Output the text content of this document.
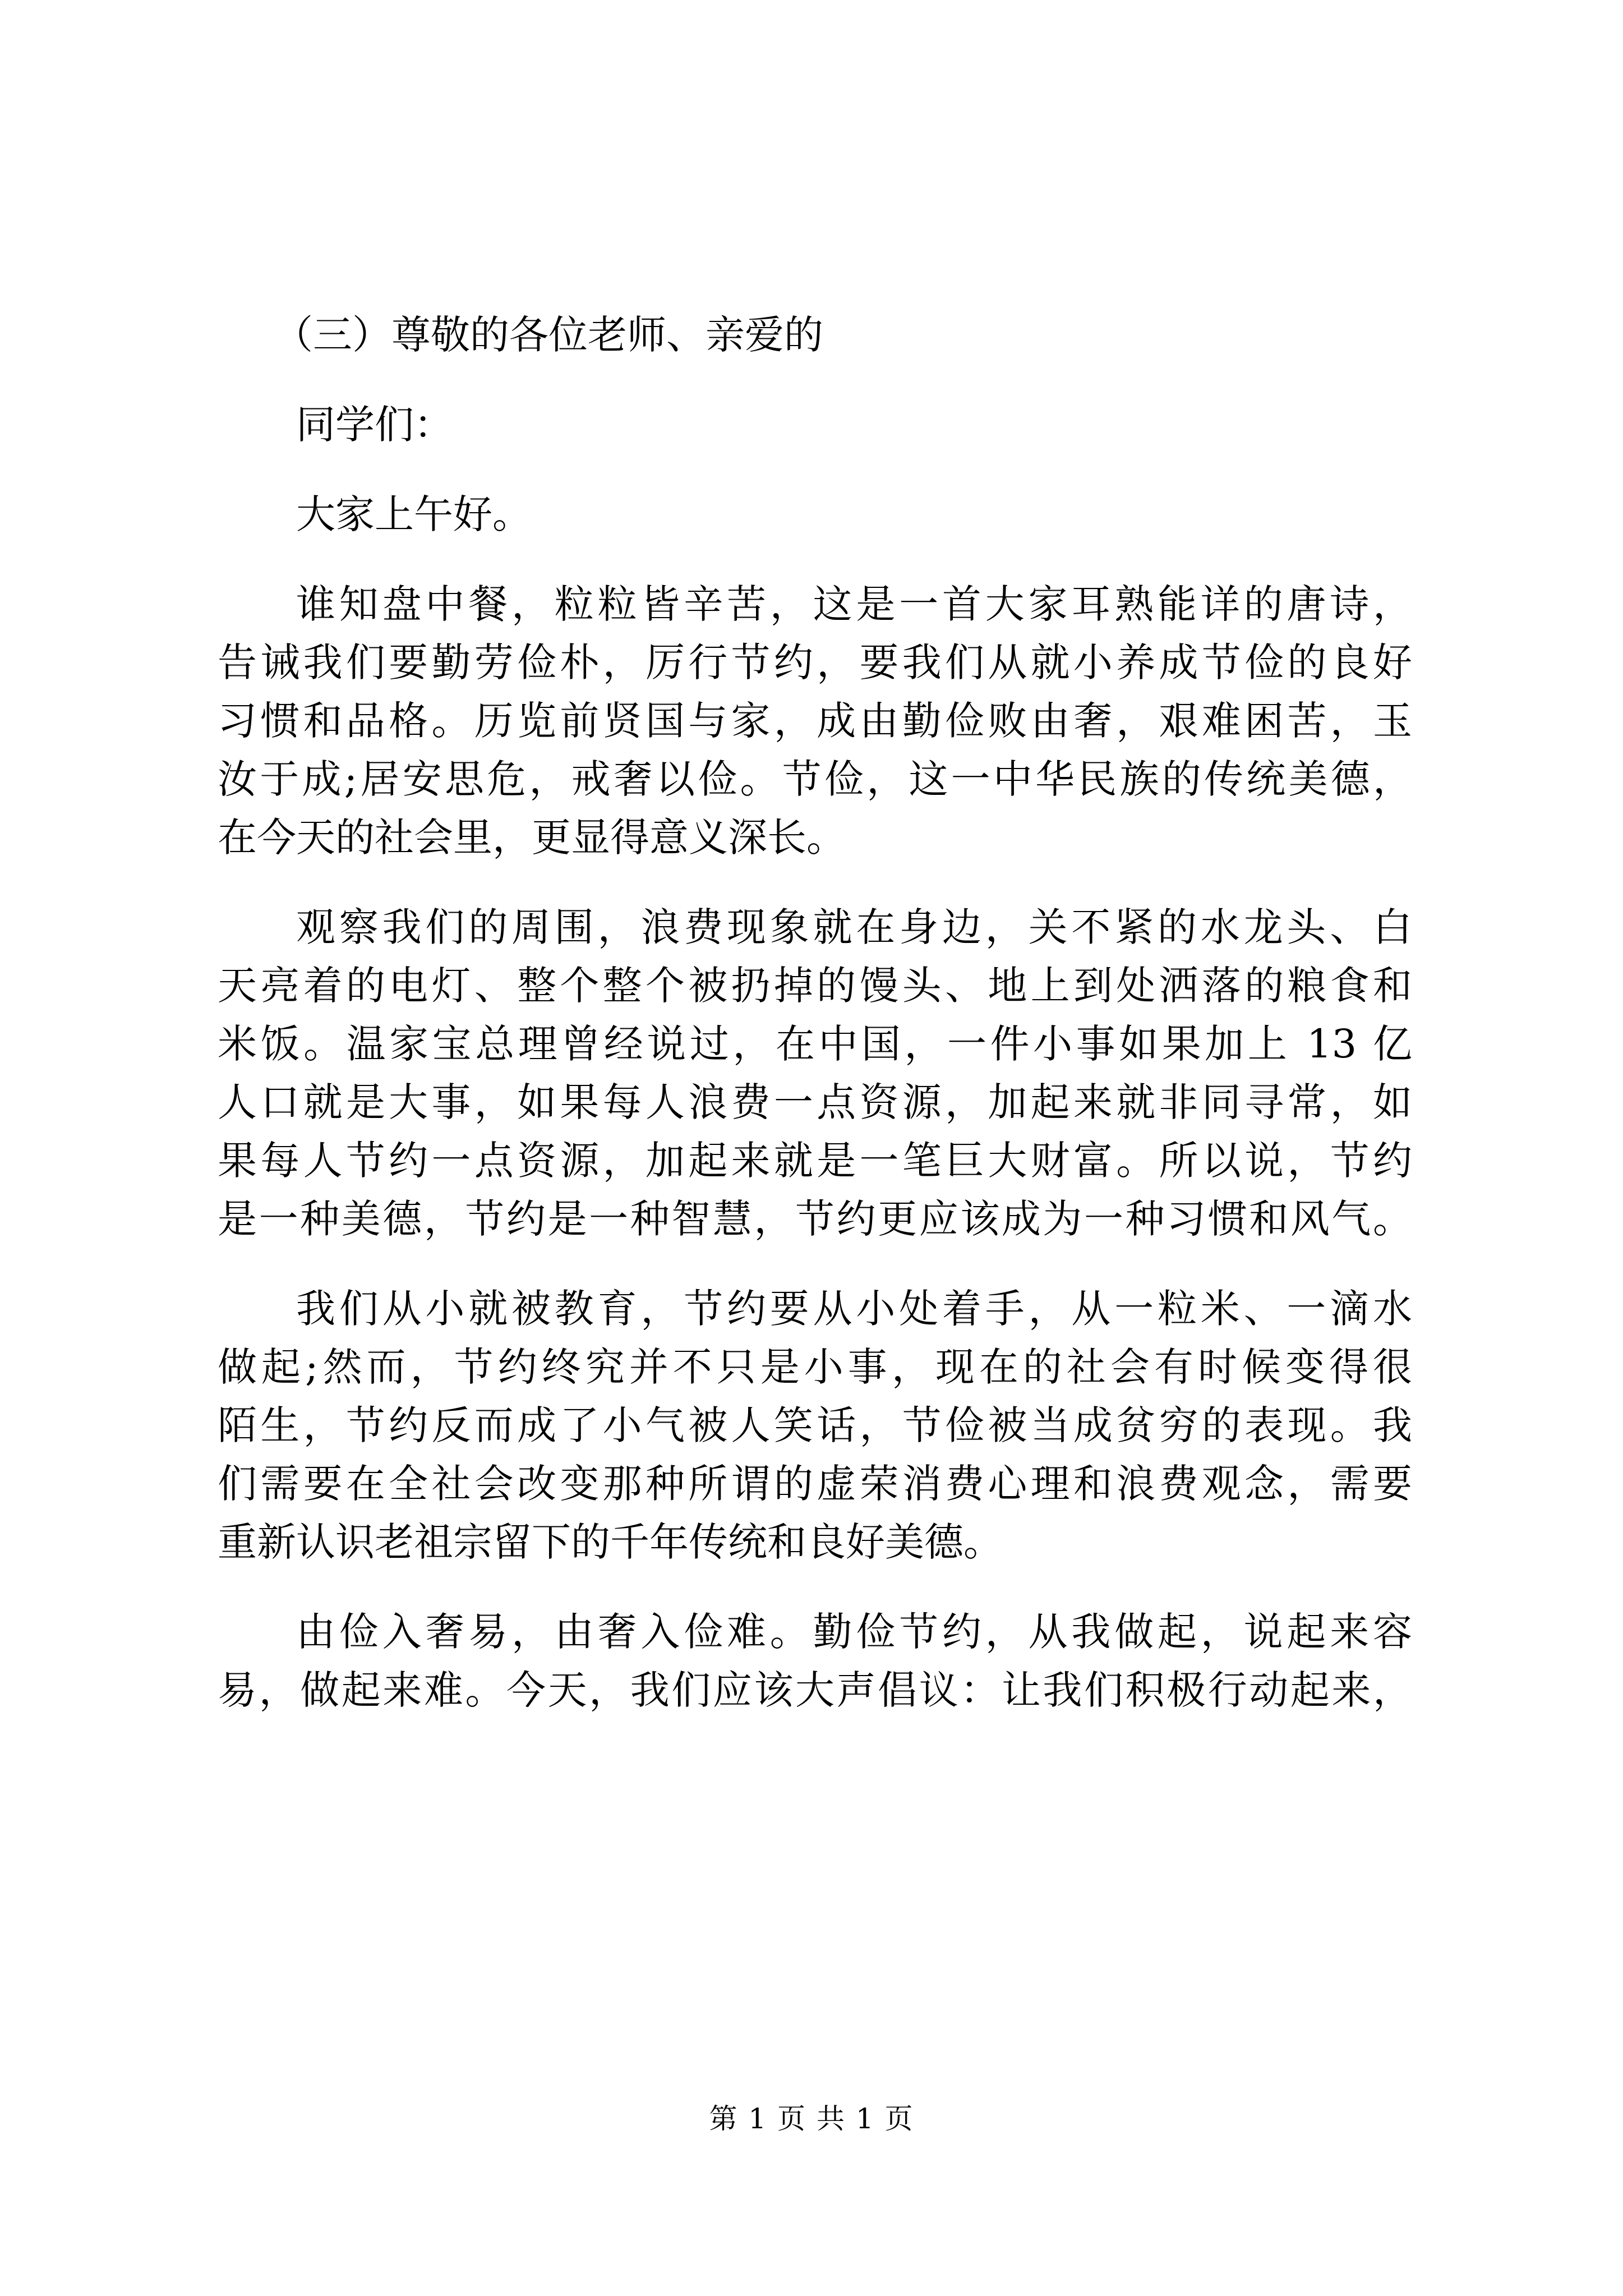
（三）尊敬的各位老师、亲爱的
同学们：
大家上午好。
谁知盘中餐，粒粒皆辛苦，这是一首大家耳熟能详的唐诗，
告诫我们要勤劳俭朴，厉行节约，要我们从就小养成节俭的良好
习惯和品格。历览前贤国与家，成由勤俭败由奢，艰难困苦，玉
汝于成;居安思危，戒奢以俭。节俭，这一中华民族的传统美德，
在今天的社会里，更显得意义深长。
观察我们的周围，浪费现象就在身边，关不紧的水龙头、白
天亮着的电灯、整个整个被扔掉的馒头、地上到处洒落的粮食和
米饭。温家宝总理曾经说过，在中国，一件小事如果加上 13 亿
人口就是大事，如果每人浪费一点资源，加起来就非同寻常，如
果每人节约一点资源，加起来就是一笔巨大财富。所以说，节约
是一种美德，节约是一种智慧，节约更应该成为一种习惯和风气。
我们从小就被教育，节约要从小处着手，从一粒米、一滴水
做起;然而，节约终究并不只是小事，现在的社会有时候变得很
陌生，节约反而成了小气被人笑话，节俭被当成贫穷的表现。我
们需要在全社会改变那种所谓的虚荣消费心理和浪费观念，需要
重新认识老祖宗留下的千年传统和良好美德。
由俭入奢易，由奢入俭难。勤俭节约，从我做起，说起来容
易，做起来难。今天，我们应该大声倡议：让我们积极行动起来，
第 1 页 共 1 页
